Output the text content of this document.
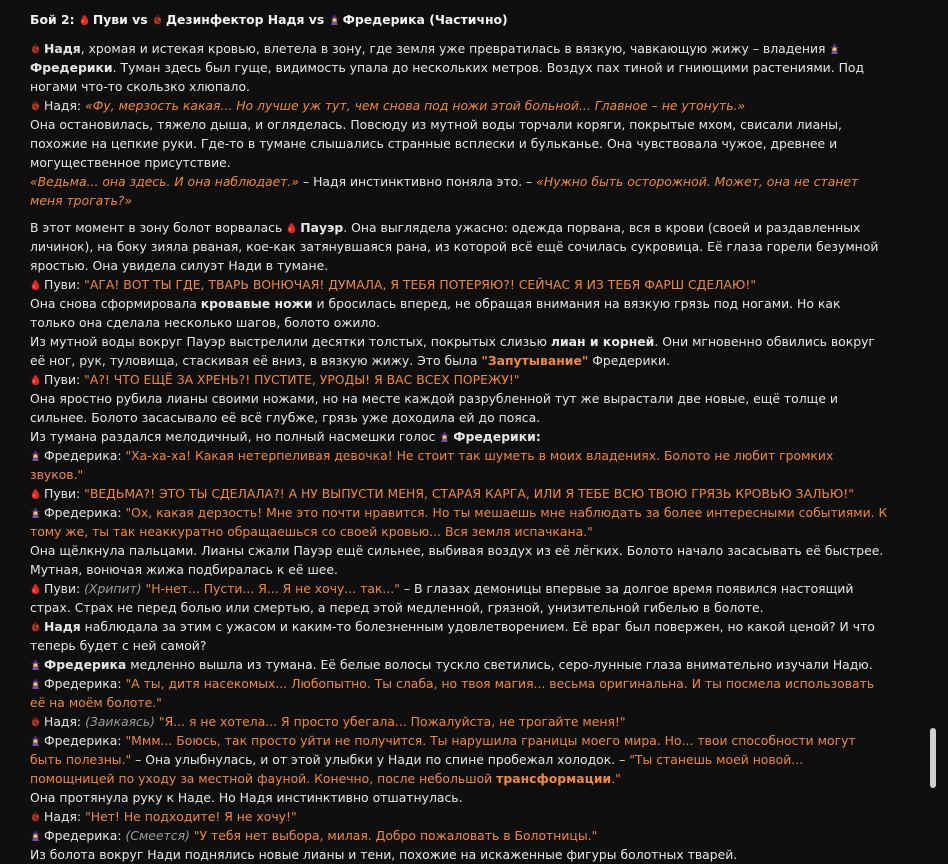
Бой 2: Пуви vs Дезинфектор Надя vs Фредерика (Частично)
Надя, хромая и истекая кровью, влетела в зону, где земля уже превратилась в вязкую, чавкающую жижу – владения
Фредерики. Туман здесь был гуще, видимость упала до нескольких метров. Воздух пах тиной и гниющими растениями. Под ногами что-то скользко хлюпало.
Надя: «Фу, мерзость какая... Но лучше уж тут, чем снова под ножи этой больной... Главное – не утонуть.»
Она остановилась, тяжело дыша, и огляделась. Повсюду из мутной воды торчали коряги, покрытые мхом, свисали лианы, похожие на цепкие руки. Где-то в тумане слышались странные всплески и бульканье. Она чувствовала чужое, древнее и могущественное присутствие.
«Ведьма... она здесь. И она наблюдает.» – Надя инстинктивно поняла это. – «Нужно быть осторожной. Может, она не станет меня трогать?»
В этот момент в зону болот ворвалась
Пауэр. Она выглядела ужасно: одежда порвана, вся в крови (своей и раздавленных личинок), на боку зияла рваная, кое-как затянувшаяся рана, из которой всё ещё сочилась сукровица. Её глаза горели безумной яростью. Она увидела силуэт Нади в тумане.
Пуви: "АГА! ВОТ ТЫ ГДЕ, ТВАРЬ ВОНЮЧАЯ! ДУМАЛА, Я ТЕБЯ ПОТЕРЯЮ?! СЕЙЧАС Я ИЗ ТЕБЯ ФАРШ СДЕЛАЮ!"
Она снова сформировала кровавые ножи и бросилась вперед, не обращая внимания на вязкую грязь под ногами. Но как только она сделала несколько шагов, болото ожило.
Из мутной воды вокруг Пауэр выстрелили десятки толстых, покрытых слизью лиан и корней. Они мгновенно обвились вокруг её ног, рук, туловища, стаскивая её вниз, в вязкую жижу. Это была "Запутывание" Фредерики.
Пуви: "А?! ЧТО ЕЩЁ ЗА ХРЕНЬ?! ПУСТИТЕ, УРОДЫ! Я ВАС ВСЕХ ПОРЕЖУ!"
Она яростно рубила лианы своими ножами, но на месте каждой разрубленной тут же вырастали две новые, ещё толще и сильнее. Болото засасывало её всё глубже, грязь уже доходила ей до пояса.
Из тумана раздался мелодичный, но полный насмешки голос
Фредерики:
Фредерика: "Ха-ха-ха! Какая нетерпеливая девочка! Не стоит так шуметь в моих владениях. Болото не любит громких звуков."
Пуви: "ВЕДЬМА?! ЭТО ТЫ СДЕЛАЛА?! А НУ ВЫПУСТИ МЕНЯ, СТАРАЯ КАРГА, ИЛИ Я ТЕБЕ ВСЮ ТВОЮ ГРЯЗЬ КРОВЬЮ ЗАЛЬЮ!"
Фредерика: "Ох, какая дерзость! Мне это почти нравится. Но ты мешаешь мне наблюдать за более интересными событиями. К тому же, ты так неаккуратно обращаешься со своей кровью... Вся земля испачкана."
Она щёлкнула пальцами. Лианы сжали Пауэр ещё сильнее, выбивая воздух из её лёгких. Болото начало засасывать её быстрее. Мутная, вонючая жижа подбиралась к её шее.
Пуви: (Хрипит) "Н-нет... Пусти... Я... Я не хочу... так..." – В глазах демоницы впервые за долгое время появился настоящий страх. Страх не перед болью или смертью, а перед этой медленной, грязной, унизительной гибелью в болоте.
Надя наблюдала за этим с ужасом и каким-то болезненным удовлетворением. Её враг был повержен, но какой ценой? И что теперь будет с ней самой?
Фредерика медленно вышла из тумана. Её белые волосы тускло светились, серо-лунные глаза внимательно изучали Надю.
Фредерика: "А ты, дитя насекомых... Любопытно. Ты слаба, но твоя магия... весьма оригинальна. И ты посмела использовать её на моём болоте."
Надя: (Заикаясь) "Я... я не хотела... Я просто убегала... Пожалуйста, не трогайте меня!"
Фредерика: "Ммм... Боюсь, так просто уйти не получится. Ты нарушила границы моего мира. Но... твои способности могут быть полезны." – Она улыбнулась, и от этой улыбки у Нади по спине пробежал холодок. – "Ты станешь моей новой... помощницей по уходу за местной фауной. Конечно, после небольшой трансформации."
Она протянула руку к Наде. Но Надя инстинктивно отшатнулась.
Надя: "Нет! Не подходите! Я не хочу!"
Фредерика: (Смеется) "У тебя нет выбора, милая. Добро пожаловать в Болотницы."
Из болота вокруг Нади поднялись новые лианы и тени, похожие на искаженные фигуры болотных тварей.
